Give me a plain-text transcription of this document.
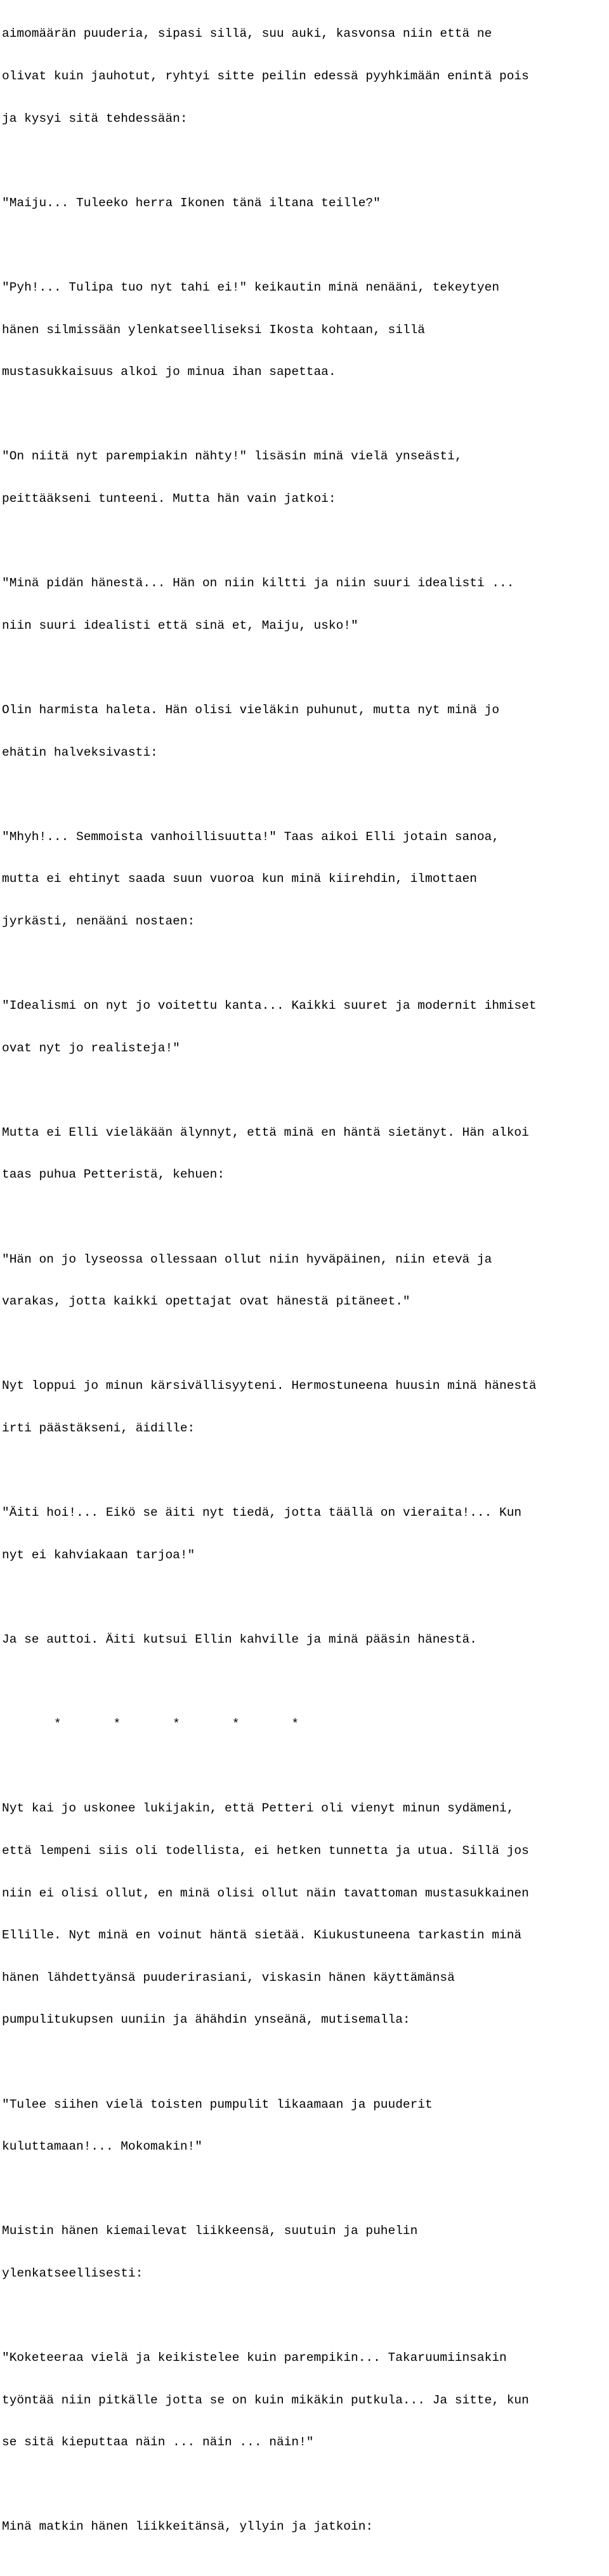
aimomäärän puuderia, sipasi sillä, suu auki, kasvonsa niin että ne

olivat kuin jauhotut, ryhtyi sitte peilin edessä pyyhkimään enintä pois

ja kysyi sitä tehdessään:

"Maiju... Tuleeko herra Ikonen tänä iltana teille?"

"Pyh!... Tulipa tuo nyt tahi ei!" keikautin minä nenääni, tekeytyen

hänen silmissään ylenkatseelliseksi Ikosta kohtaan, sillä

mustasukkaisuus alkoi jo minua ihan sapettaa.

"On niitä nyt parempiakin nähty!" lisäsin minä vielä ynseästi,

peittääkseni tunteeni. Mutta hän vain jatkoi:

"Minä pidän hänestä... Hän on niin kiltti ja niin suuri idealisti ...

niin suuri idealisti että sinä et, Maiju, usko!"

Olin harmista haleta. Hän olisi vieläkin puhunut, mutta nyt minä jo

ehätin halveksivasti:

"Mhyh!... Semmoista vanhoillisuutta!" Taas aikoi Elli jotain sanoa,

mutta ei ehtinyt saada suun vuoroa kun minä kiirehdin, ilmottaen

jyrkästi, nenääni nostaen:

"Idealismi on nyt jo voitettu kanta... Kaikki suuret ja modernit ihmiset

ovat nyt jo realisteja!"

Mutta ei Elli vieläkään älynnyt, että minä en häntä sietänyt. Hän alkoi

taas puhua Petteristä, kehuen:

"Hän on jo lyseossa ollessaan ollut niin hyväpäinen, niin etevä ja

varakas, jotta kaikki opettajat ovat hänestä pitäneet."

Nyt loppui jo minun kärsivällisyyteni. Hermostuneena huusin minä hänestä

irti päästäkseni, äidille:

"Äiti hoi!... Eikö se äiti nyt tiedä, jotta täällä on vieraita!... Kun

nyt ei kahviakaan tarjoa!"

Ja se auttoi. Äiti kutsui Ellin kahville ja minä pääsin hänestä.

*       *       *       *       *

Nyt kai jo uskonee lukijakin, että Petteri oli vienyt minun sydämeni,

että lempeni siis oli todellista, ei hetken tunnetta ja utua. Sillä jos

niin ei olisi ollut, en minä olisi ollut näin tavattoman mustasukkainen

Ellille. Nyt minä en voinut häntä sietää. Kiukustuneena tarkastin minä

hänen lähdettyänsä puuderirasiani, viskasin hänen käyttämänsä

pumpulitukupsen uuniin ja ähähdin ynseänä, mutisemalla:

"Tulee siihen vielä toisten pumpulit likaamaan ja puuderit

kuluttamaan!... Mokomakin!"

Muistin hänen kiemailevat liikkeensä, suutuin ja puhelin

ylenkatseellisesti:

"Koketeeraa vielä ja keikistelee kuin parempikin... Takaruumiinsakin

työntää niin pitkälle jotta se on kuin mikäkin putkula... Ja sitte, kun

se sitä kieputtaa näin ... näin ... näin!"

Minä matkin hänen liikkeitänsä, yllyin ja jatkoin:
